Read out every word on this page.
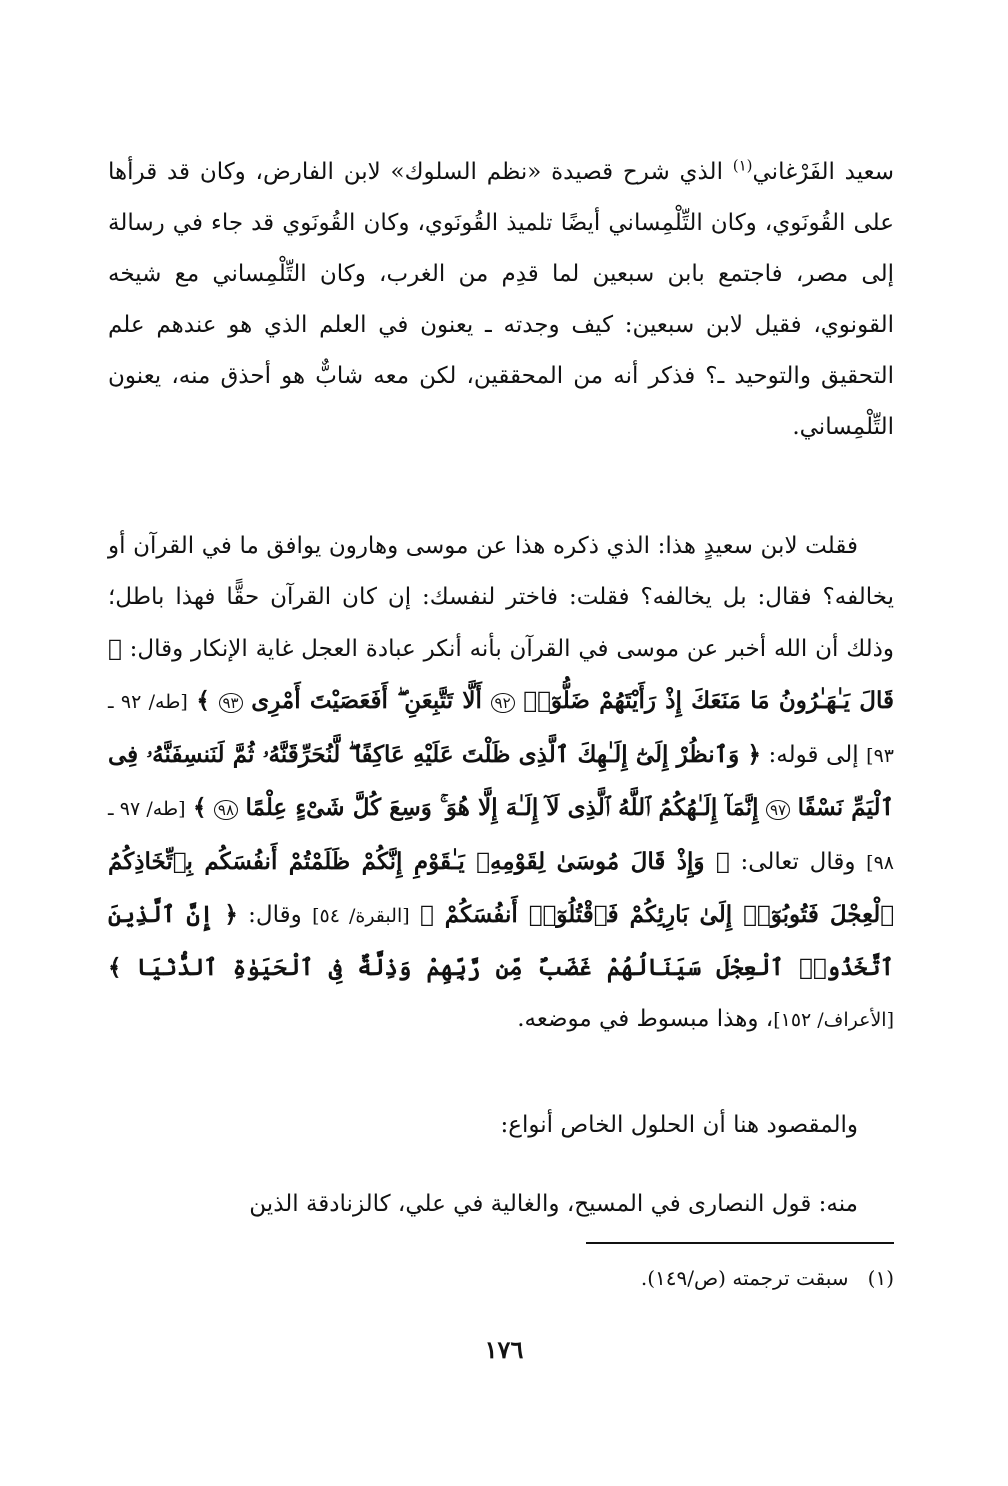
سعيد الفَرْغاني$^{(١)}$ الذي شرح قصيدة «نظم السلوك» لابن الفارض، وكان قد قرأها على القُونَوي، وكان التِّلْمِساني أيضًا تلميذ القُونَوي، وكان القُونَوي قد جاء في رسالة إلى مصر، فاجتمع بابن سبعين لما قدِم من الغرب، وكان التِّلْمِساني مع شيخه القونوي، فقيل لابن سبعين: كيف وجدته ـ يعنون في العلم الذي هو عندهم علم التحقيق والتوحيد ـ؟ فذكر أنه من المحققين، لكن معه شابٌّ هو أحذق منه، يعنون التِّلْمِساني.

فقلت لابن سعيدٍ هذا: الذي ذكره هذا عن موسى وهارون يوافق ما في القرآن أو يخالفه؟ فقال: بل يخالفه؟ فقلت: فاختر لنفسك: إن كان القرآن حقًّا فهذا باطل؛ وذلك أن الله أخبر عن موسى في القرآن بأنه أنكر عبادة العجل غاية الإنكار وقال: ﴿ قَالَ يَـٰهَـٰرُونُ مَا مَنَعَكَ إِذْ رَأَيْتَهُمْ ضَلُّوٓا۟ ٩٢ أَلَّا تَتَّبِعَنِ ۖ أَفَعَصَيْتَ أَمْرِى ٩٣ ﴾ [طه/ ٩٢ ـ ٩٣] إلى قوله: ﴿ وَٱنظُرْ إِلَىٰٓ إِلَـٰهِكَ ٱلَّذِى ظَلْتَ عَلَيْهِ عَاكِفًا ۖ لَّنُحَرِّقَنَّهُۥ ثُمَّ لَنَنسِفَنَّهُۥ فِى ٱلْيَمِّ نَسْفًا ٩٧ إِنَّمَآ إِلَـٰهُكُمُ ٱللَّهُ ٱلَّذِى لَآ إِلَـٰهَ إِلَّا هُوَ ۚ وَسِعَ كُلَّ شَىْءٍ عِلْمًا ٩٨ ﴾ [طه/ ٩٧ ـ ٩٨] وقال تعالى: ﴿ وَإِذْ قَالَ مُوسَىٰ لِقَوْمِهِۦ يَـٰقَوْمِ إِنَّكُمْ ظَلَمْتُمْ أَنفُسَكُم بِٱتِّخَاذِكُمُ ٱلْعِجْلَ فَتُوبُوٓا۟ إِلَىٰ بَارِئِكُمْ فَٱقْتُلُوٓا۟ أَنفُسَكُمْ ﴾ [البقرة/ ٥٤] وقال: ﴿ إِنَّ ٱلَّذِينَ ٱتَّخَذُوا۟ ٱلْعِجْلَ سَيَنَالُهُمْ غَضَبٌ مِّن رَّبِّهِمْ وَذِلَّةٌ فِى ٱلْحَيَوٰةِ ٱلدُّنْيَا ﴾ [الأعراف/ ١٥٢]، وهذا مبسوط في موضعه.

والمقصود هنا أن الحلول الخاص أنواع:

منه: قول النصارى في المسيح، والغالية في علي، كالزنادقة الذين

(١)   سبقت ترجمته (ص/١٤٩).
١٧٦
